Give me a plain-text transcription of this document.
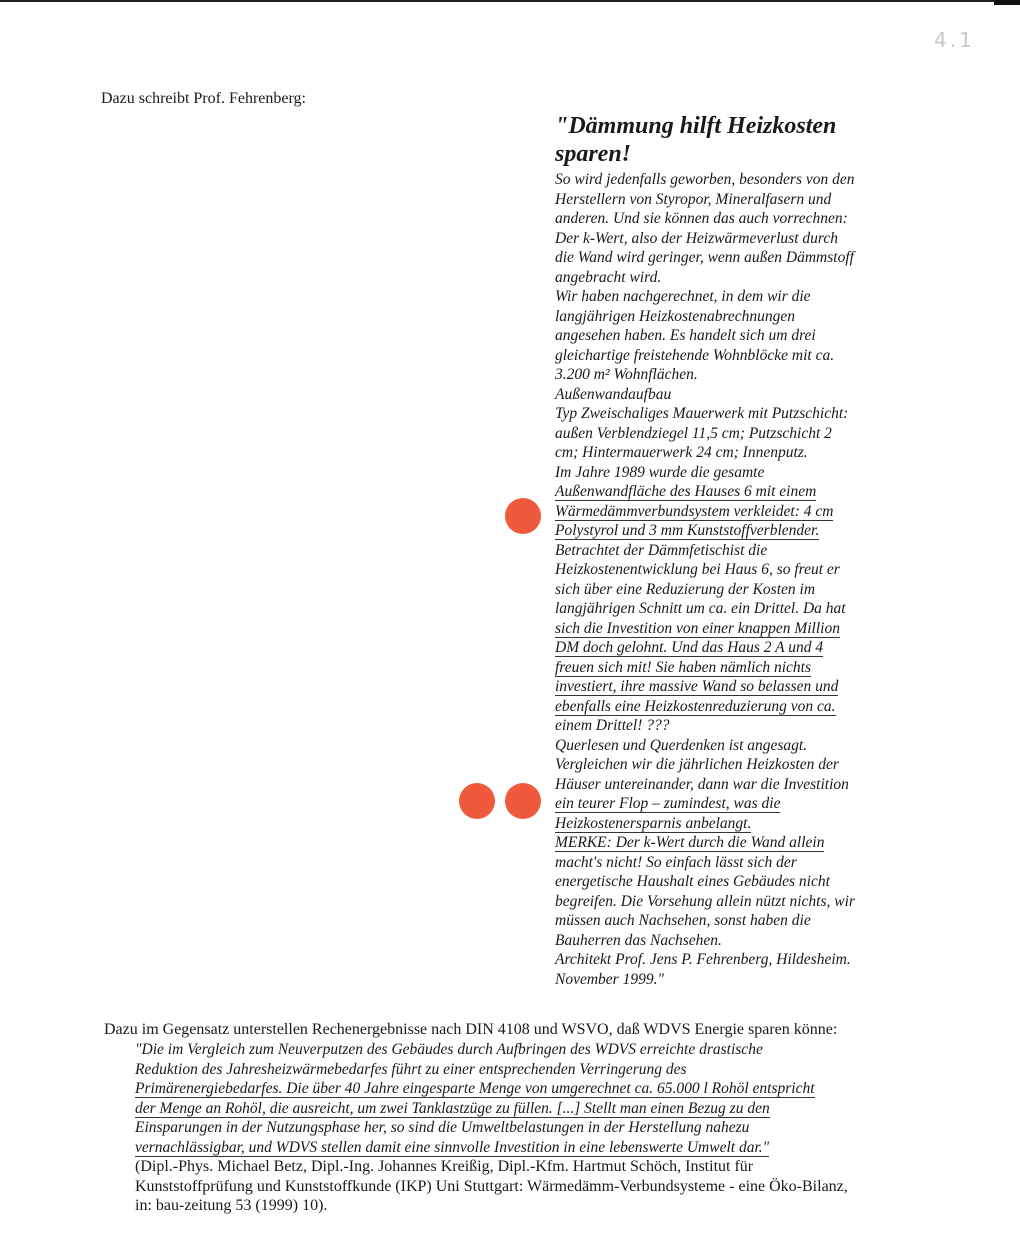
4.1
Dazu schreibt Prof. Fehrenberg:
"Dämmung hilft Heizkosten
sparen!
So wird jedenfalls geworben, besonders von den
Herstellern von Styropor, Mineralfasern und
anderen. Und sie können das auch vorrechnen:
Der k-Wert, also der Heizwärmeverlust durch
die Wand wird geringer, wenn außen Dämmstoff
angebracht wird.
Wir haben nachgerechnet, in dem wir die
langjährigen Heizkostenabrechnungen
angesehen haben. Es handelt sich um drei
gleichartige freistehende Wohnblöcke mit ca.
3.200 m² Wohnflächen.
Außenwandaufbau
Typ Zweischaliges Mauerwerk mit Putzschicht:
außen Verblendziegel 11,5 cm; Putzschicht 2
cm; Hintermauerwerk 24 cm; Innenputz.
Im Jahre 1989 wurde die gesamte
Außenwandfläche des Hauses 6 mit einem
Wärmedämmverbundsystem verkleidet: 4 cm
Polystyrol und 3 mm Kunststoffverblender.
Betrachtet der Dämmfetischist die
Heizkostenentwicklung bei Haus 6, so freut er
sich über eine Reduzierung der Kosten im
langjährigen Schnitt um ca. ein Drittel. Da hat
sich die Investition von einer knappen Million
DM doch gelohnt. Und das Haus 2 A und 4
freuen sich mit! Sie haben nämlich nichts
investiert, ihre massive Wand so belassen und
ebenfalls eine Heizkostenreduzierung von ca.
einem Drittel! ???
Querlesen und Querdenken ist angesagt.
Vergleichen wir die jährlichen Heizkosten der
Häuser untereinander, dann war die Investition
ein teurer Flop – zumindest, was die
Heizkostenersparnis anbelangt.
MERKE: Der k-Wert durch die Wand allein
macht's nicht! So einfach lässt sich der
energetische Haushalt eines Gebäudes nicht
begreifen. Die Vorsehung allein nützt nichts, wir
müssen auch Nachsehen, sonst haben die
Bauherren das Nachsehen.
Architekt Prof. Jens P. Fehrenberg, Hildesheim.
November 1999."
Dazu im Gegensatz unterstellen Rechenergebnisse nach DIN 4108 und WSVO, daß WDVS Energie sparen könne:
"Die im Vergleich zum Neuverputzen des Gebäudes durch Aufbringen des WDVS erreichte drastische
Reduktion des Jahresheizwärmebedarfes führt zu einer entsprechenden Verringerung des
Primärenergiebedarfes. Die über 40 Jahre eingesparte Menge von umgerechnet ca. 65.000 l Rohöl entspricht
der Menge an Rohöl, die ausreicht, um zwei Tanklastzüge zu füllen. [...] Stellt man einen Bezug zu den
Einsparungen in der Nutzungsphase her, so sind die Umweltbelastungen in der Herstellung nahezu
vernachlässigbar, und WDVS stellen damit eine sinnvolle Investition in eine lebenswerte Umwelt dar."
(Dipl.-Phys. Michael Betz, Dipl.-Ing. Johannes Kreißig, Dipl.-Kfm. Hartmut Schöch, Institut für
Kunststoffprüfung und Kunststoffkunde (IKP) Uni Stuttgart: Wärmedämm-Verbundsysteme - eine Öko-Bilanz,
in: bau-zeitung 53 (1999) 10).
